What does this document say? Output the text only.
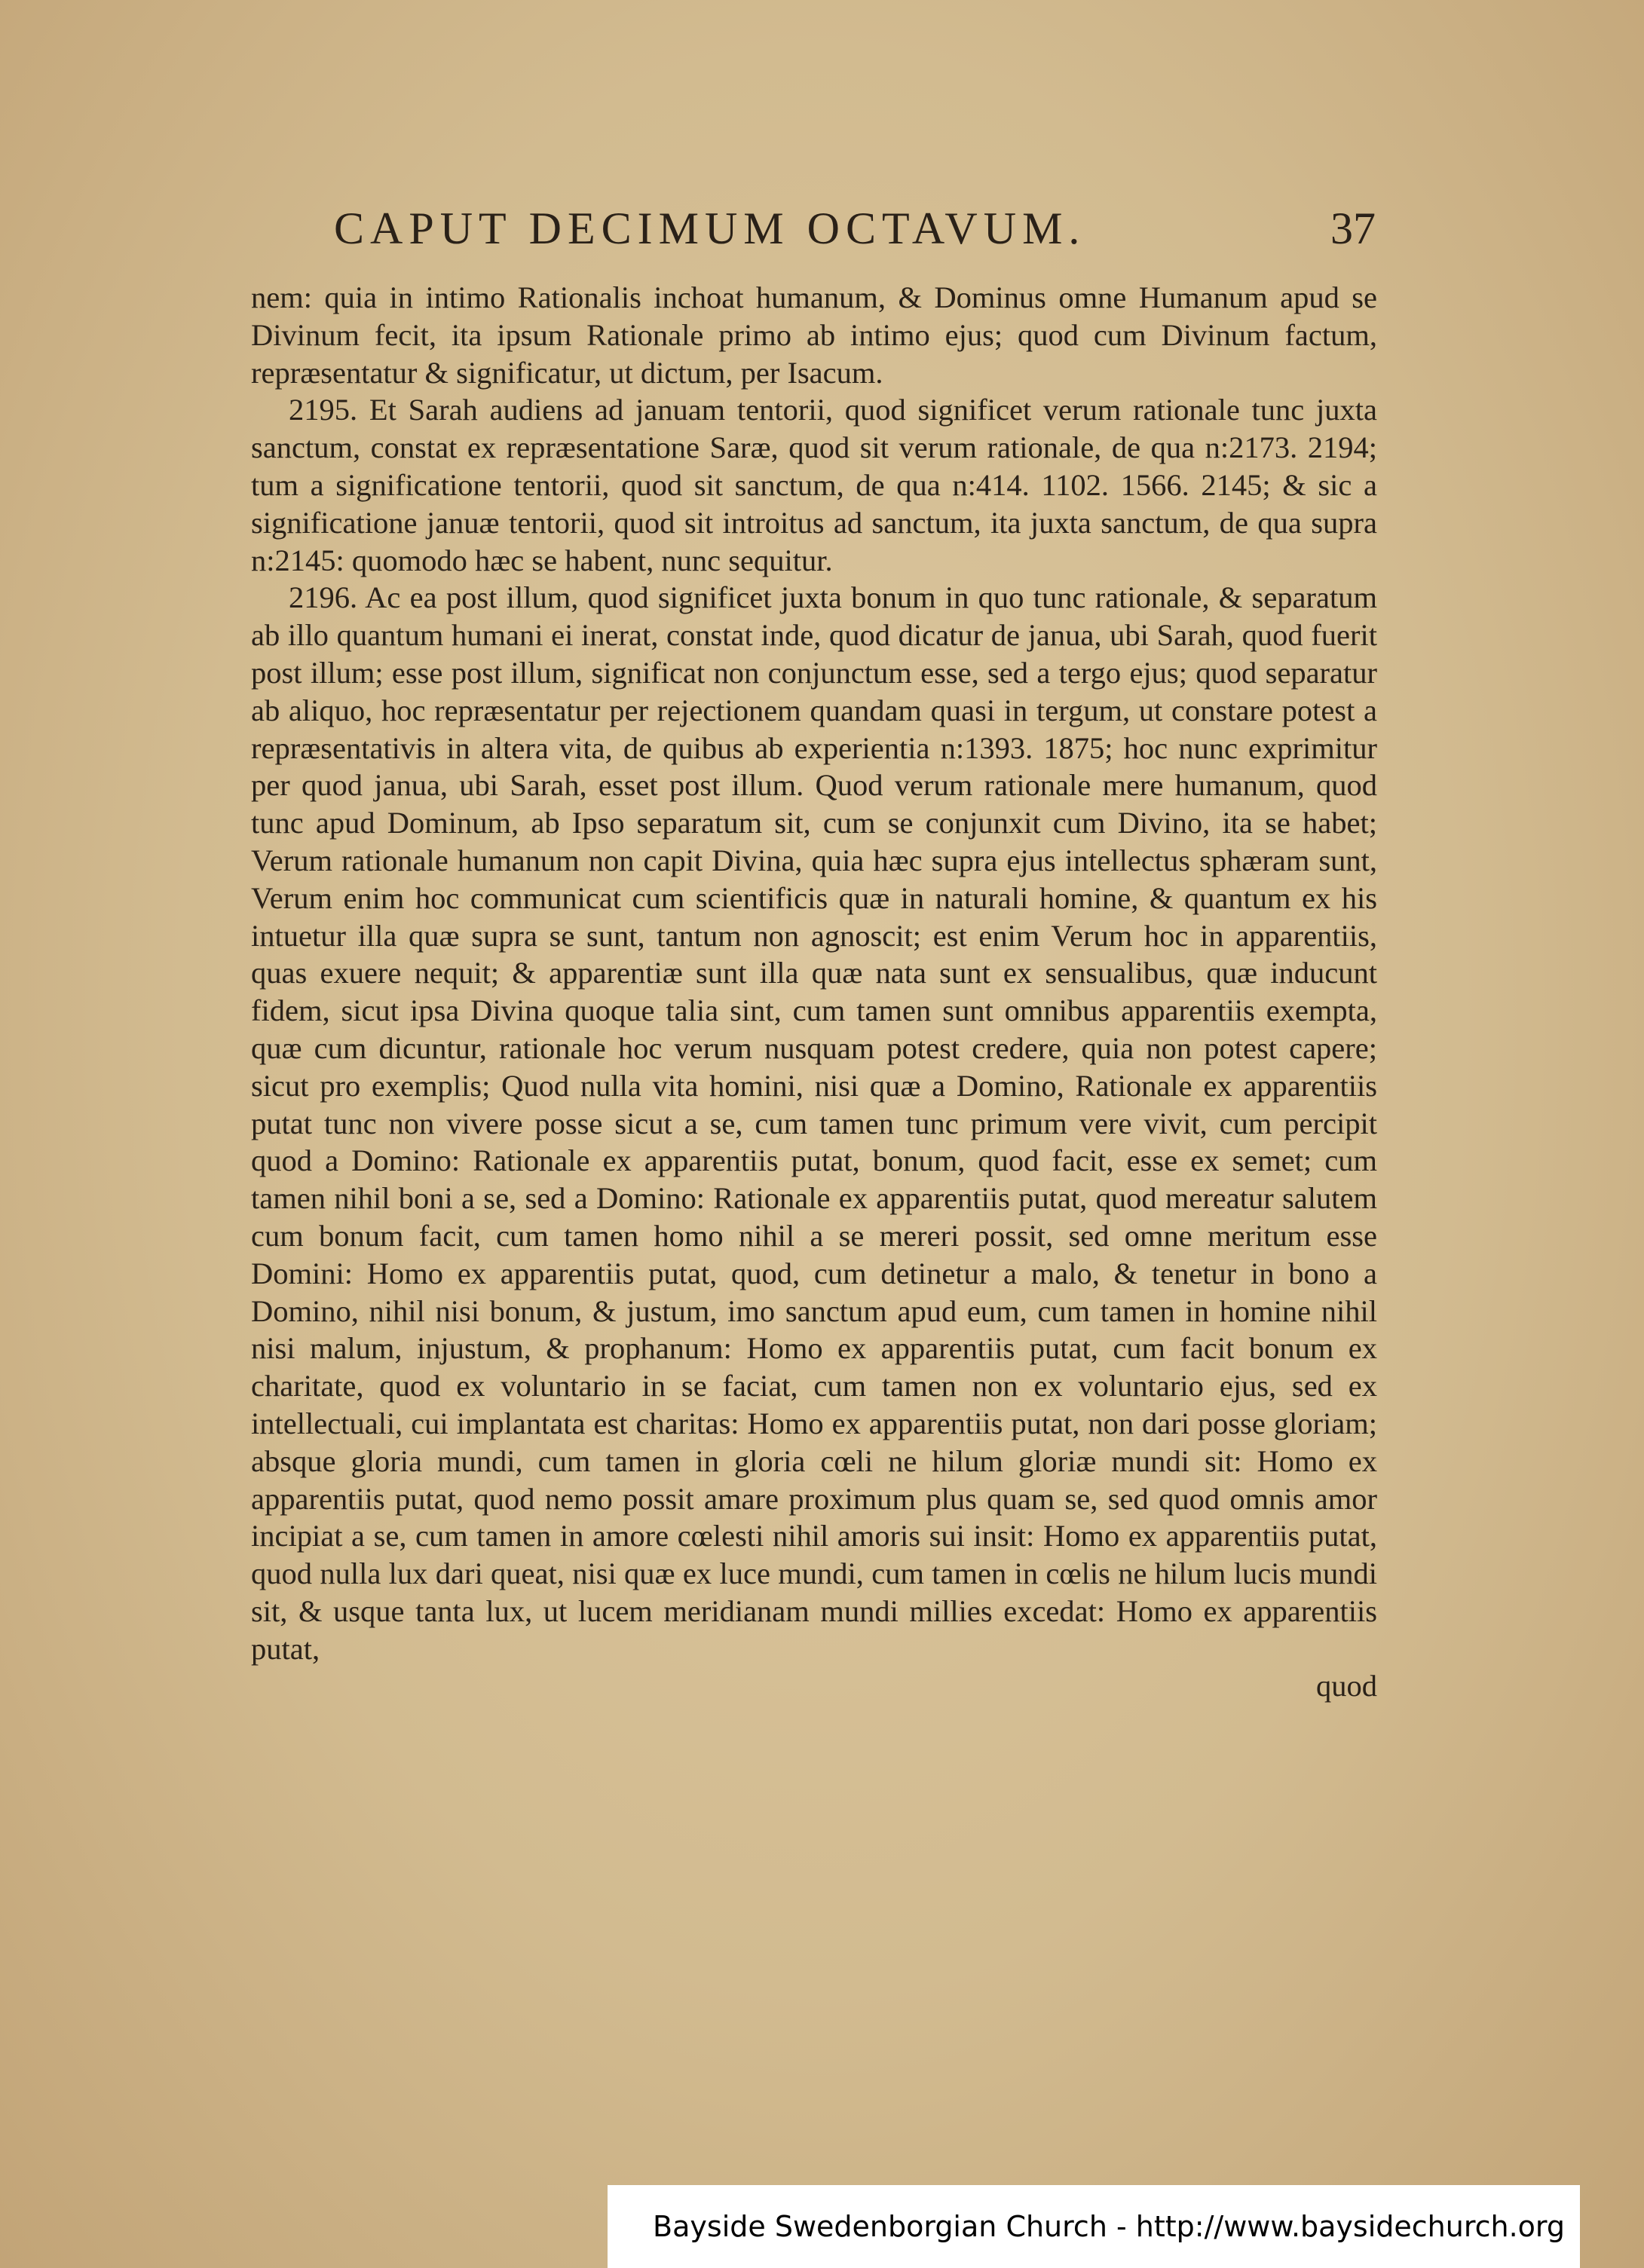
CAPUT DECIMUM OCTAVUM.	37

nem: quia in intimo Rationalis inchoat humanum, & Dominus omne Humanum apud se Divinum fecit, ita ipsum Rationale primo ab intimo ejus; quod cum Divinum factum, repræsentatur & significatur, ut dictum, per Isacum.

2195. Et Sarah audiens ad januam tentorii, quod significet verum rationale tunc juxta sanctum, constat ex repræsentatione Saræ, quod sit verum rationale, de qua n:2173. 2194; tum a significatione tentorii, quod sit sanctum, de qua n:414. 1102. 1566. 2145; & sic a significatione januæ tentorii, quod sit introitus ad sanctum, ita juxta sanctum, de qua supra n:2145: quomodo hæc se habent, nunc sequitur.

2196. Ac ea post illum, quod significet juxta bonum in quo tunc rationale, & separatum ab illo quantum humani ei inerat, constat inde, quod dicatur de janua, ubi Sarah, quod fuerit post illum; esse post illum, significat non conjunctum esse, sed a tergo ejus; quod separatur ab aliquo, hoc repræsentatur per rejectionem quandam quasi in tergum, ut constare potest a repræsentativis in altera vita, de quibus ab experientia n:1393. 1875; hoc nunc exprimitur per quod janua, ubi Sarah, esset post illum. Quod verum rationale mere humanum, quod tunc apud Dominum, ab Ipso separatum sit, cum se conjunxit cum Divino, ita se habet; Verum rationale humanum non capit Divina, quia hæc supra ejus intellectus sphæram sunt, Verum enim hoc communicat cum scientificis quæ in naturali homine, & quantum ex his intuetur illa quæ supra se sunt, tantum non agnoscit; est enim Verum hoc in apparentiis, quas exuere nequit; & apparentiæ sunt illa quæ nata sunt ex sensualibus, quæ inducunt fidem, sicut ipsa Divina quoque talia sint, cum tamen sunt omnibus apparentiis exempta, quæ cum dicuntur, rationale hoc verum nusquam potest credere, quia non potest capere; sicut pro exemplis; Quod nulla vita homini, nisi quæ a Domino, Rationale ex apparentiis putat tunc non vivere posse sicut a se, cum tamen tunc primum vere vivit, cum percipit quod a Domino: Rationale ex apparentiis putat, bonum, quod facit, esse ex semet; cum tamen nihil boni a se, sed a Domino: Rationale ex apparentiis putat, quod mereatur salutem cum bonum facit, cum tamen homo nihil a se mereri possit, sed omne meritum esse Domini: Homo ex apparentiis putat, quod, cum detinetur a malo, & tenetur in bono a Domino, nihil nisi bonum, & justum, imo sanctum apud eum, cum tamen in homine nihil nisi malum, injustum, & prophanum: Homo ex apparentiis putat, cum facit bonum ex charitate, quod ex voluntario in se faciat, cum tamen non ex voluntario ejus, sed ex intellectuali, cui implantata est charitas: Homo ex apparentiis putat, non dari posse gloriam; absque gloria mundi, cum tamen in gloria cœli ne hilum gloriæ mundi sit: Homo ex apparentiis putat, quod nemo possit amare proximum plus quam se, sed quod omnis amor incipiat a se, cum tamen in amore cœlesti nihil amoris sui insit: Homo ex apparentiis putat, quod nulla lux dari queat, nisi quæ ex luce mundi, cum tamen in cœlis ne hilum lucis mundi sit, & usque tanta lux, ut lucem meridianam mundi millies excedat: Homo ex apparentiis putat,

quod

Bayside Swedenborgian Church - http://www.baysidechurch.org
